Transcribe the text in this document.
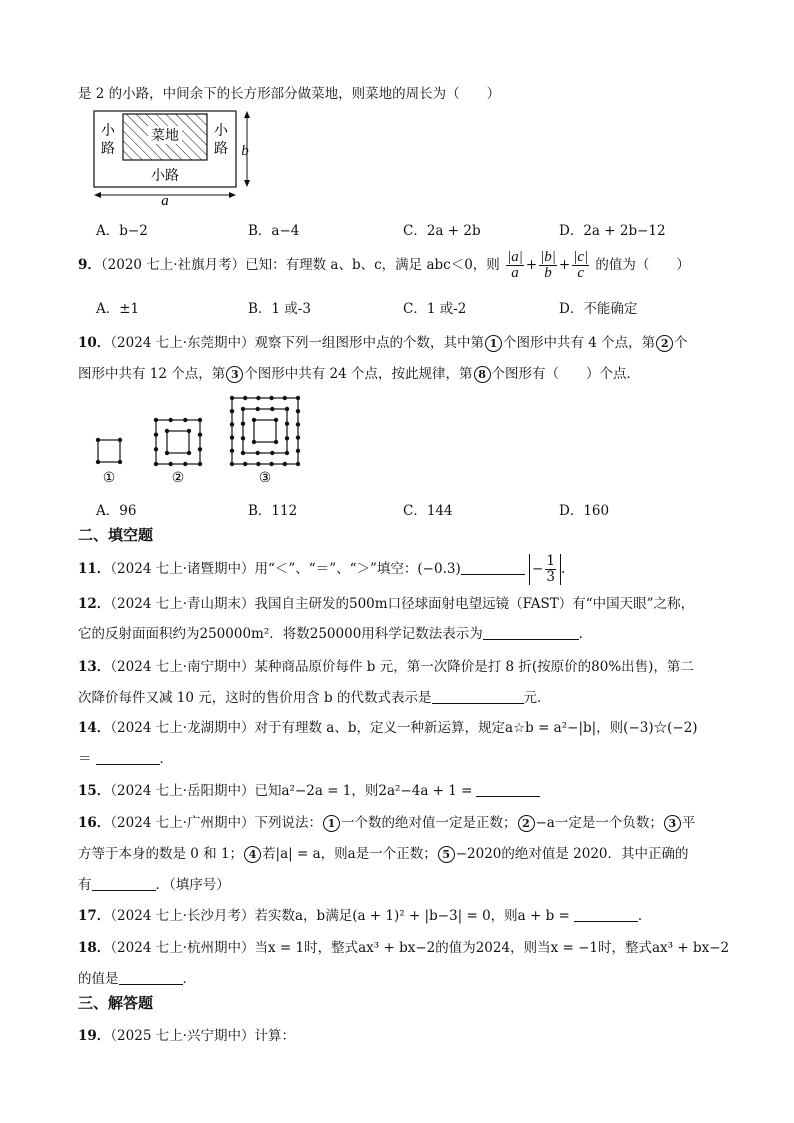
是 2 的小路，中间余下的长方形部分做菜地，则菜地的周长为（　　）
菜地
小
路
小
路
小路
b
a
A．b−2	B．a−4	C．2a + 2b	D．2a + 2b−12
9．（2020 七上·社旗月考）已知：有理数 a、b、c，满足 abc＜0，则 $\frac{|a|}{a} + \frac{|b|}{b} + \frac{|c|}{c}$ 的值为（　　）
A．±1	B．1 或-3	C．1 或-2	D．不能确定
10．（2024 七上·东莞期中）观察下列一组图形中点的个数，其中第 1 个图形中共有 4 个点，第 2 个
图形中共有 12 个点，第 3 个图形中共有 24 个点，按此规律，第 8 个图形有（　　）个点．
①	②	③
A．96	B．112	C．144	D．160
二、填空题
11．（2024 七上·诸暨期中）用“＜”、“＝”、“＞”填空：(−0.3)	− $\frac{1}{3}$ .
12．（2024 七上·青山期末）我国自主研发的500m口径球面射电望远镜（FAST）有“中国天眼”之称，
它的反射面面积约为250000m²．将数250000用科学记数法表示为	．
13．（2024 七上·南宁期中）某种商品原价每件 b 元，第一次降价是打 8 折(按原价的80%出售)，第二
次降价每件又减 10 元，这时的售价用含 b 的代数式表示是	元．
14．（2024 七上·龙湖期中）对于有理数 a、b，定义一种新运算，规定a☆b = a²−|b|，则(−3)☆(−2)
＝	．
15．（2024 七上·岳阳期中）已知a²−2a = 1，则2a²−4a + 1 =
16．（2024 七上·广州期中）下列说法： 1 一个数的绝对值一定是正数； 2 −a一定是一个负数； 3 平
方等于本身的数是 0 和 1； 4 若|a| = a，则a是一个正数； 5 −2020的绝对值是 2020．其中正确的
有	．（填序号）
17．（2024 七上·长沙月考）若实数a，b满足(a + 1)² + |b−3| = 0，则a + b =	．
18．（2024 七上·杭州期中）当x = 1时，整式ax³ + bx−2的值为2024，则当x = −1时，整式ax³ + bx−2
的值是	．
三、解答题
19．（2025 七上·兴宁期中）计算：
